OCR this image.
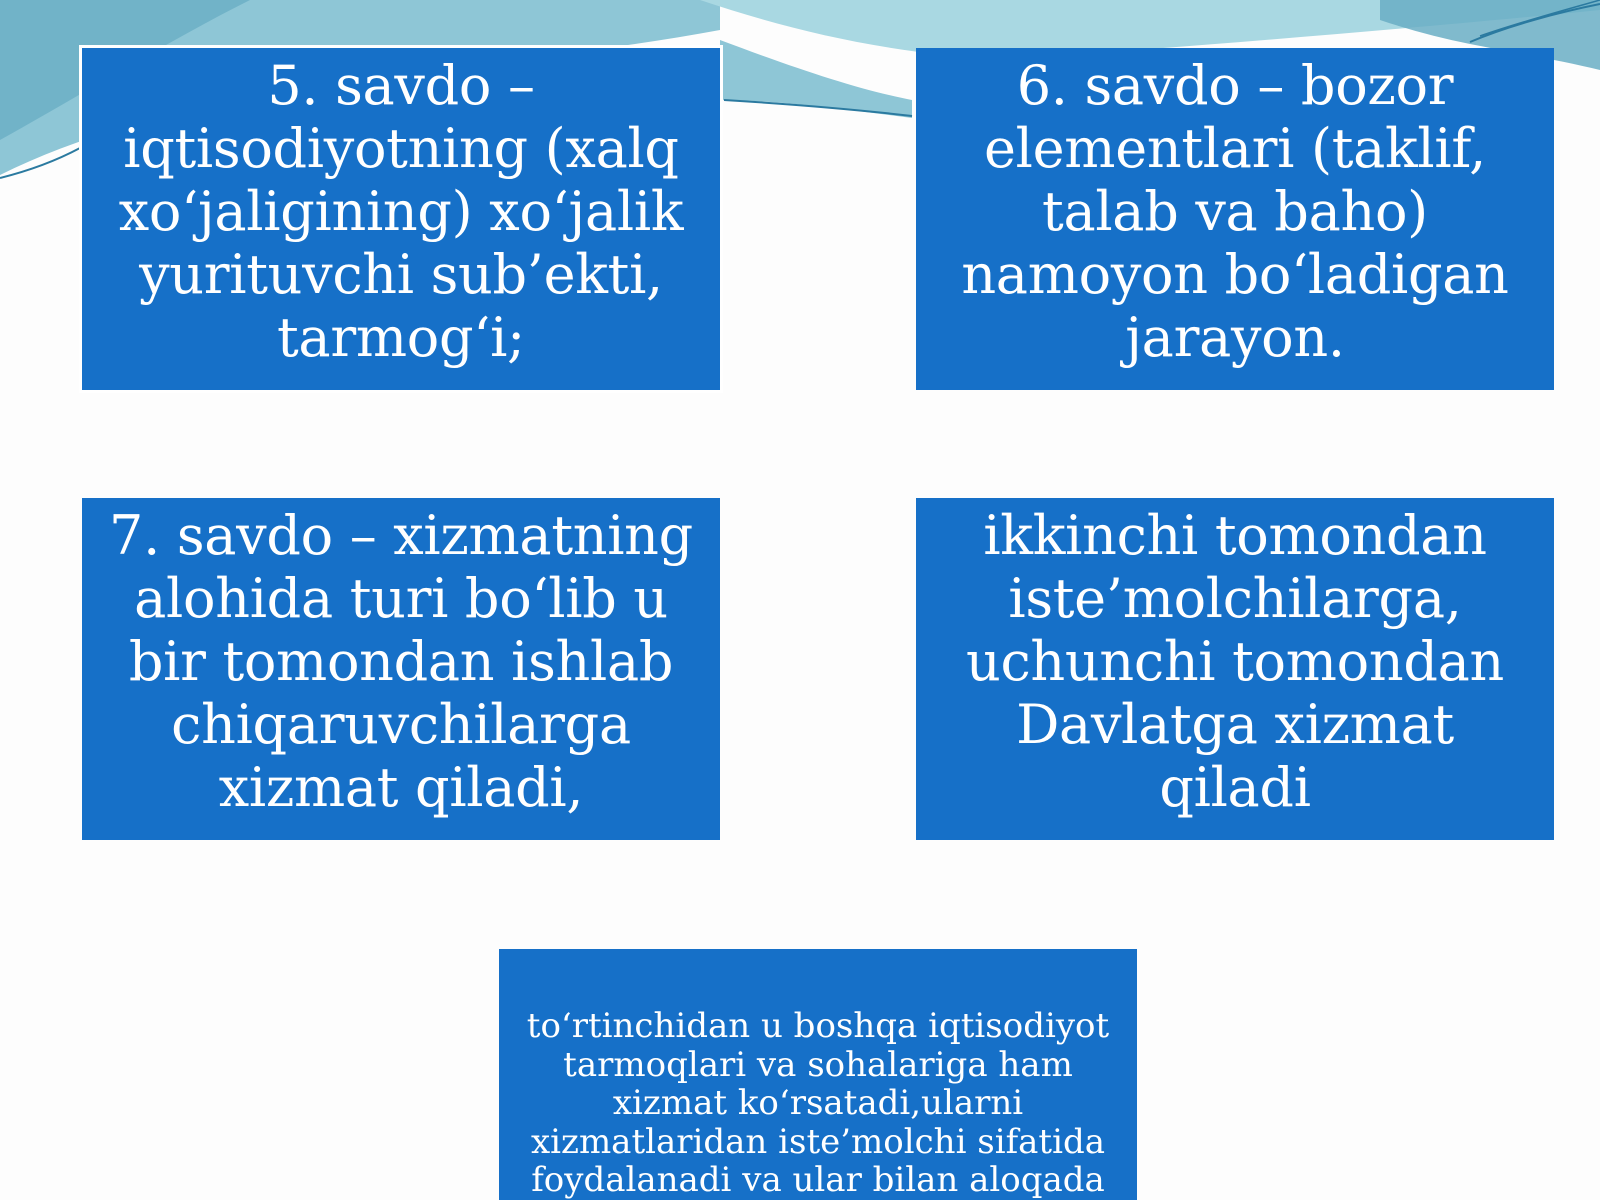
5. savdo –
iqtisodiyotning (xalq
xo‘jaligining) xo‘jalik
yurituvchi sub’ekti,
tarmog‘i;
6. savdo – bozor
elementlari (taklif,
talab va baho)
namoyon bo‘ladigan
jarayon.
7. savdo – xizmatning
alohida turi bo‘lib u
bir tomondan ishlab
chiqaruvchilarga
xizmat qiladi,
ikkinchi tomondan
iste’molchilarga,
uchunchi tomondan
Davlatga xizmat
qiladi
to‘rtinchidan u boshqa iqtisodiyot
tarmoqlari va sohalariga ham
xizmat ko‘rsatadi,ularni
xizmatlaridan iste’molchi sifatida
foydalanadi va ular bilan aloqada
